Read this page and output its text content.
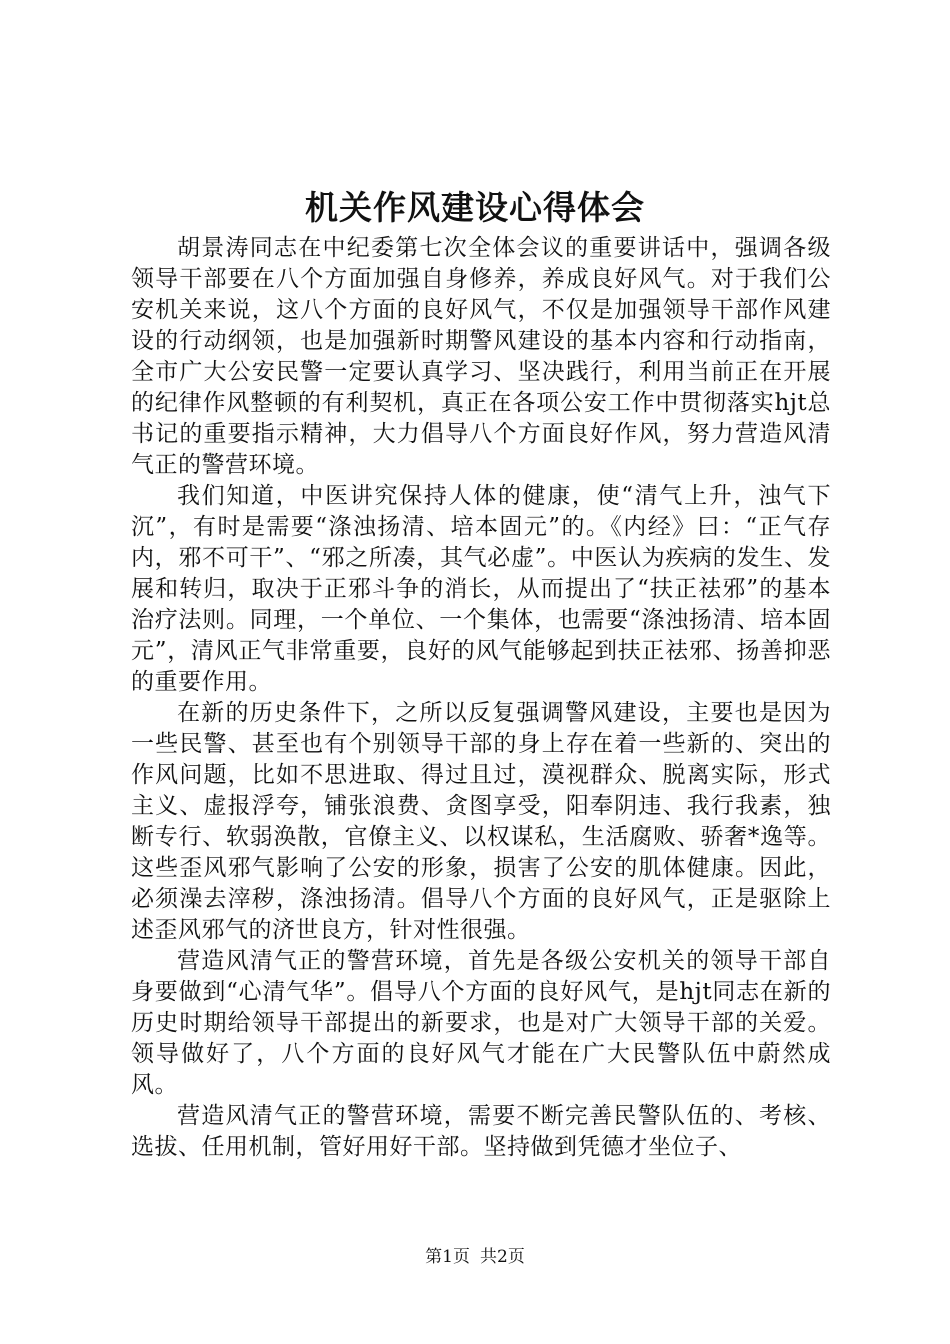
机关作风建设心得体会

胡景涛同志在中纪委第七次全体会议的重要讲话中，强调各级领导干部要在八个方面加强自身修养，养成良好风气。对于我们公安机关来说，这八个方面的良好风气，不仅是加强领导干部作风建设的行动纲领，也是加强新时期警风建设的基本内容和行动指南，全市广大公安民警一定要认真学习、坚决践行，利用当前正在开展的纪律作风整顿的有利契机，真正在各项公安工作中贯彻落实hjt总书记的重要指示精神，大力倡导八个方面良好作风，努力营造风清气正的警营环境。

我们知道，中医讲究保持人体的健康，使“清气上升，浊气下沉”，有时是需要“涤浊扬清、培本固元”的。《内经》曰：“正气存内，邪不可干”、“邪之所凑，其气必虚”。中医认为疾病的发生、发展和转归，取决于正邪斗争的消长，从而提出了“扶正祛邪”的基本治疗法则。同理，一个单位、一个集体，也需要“涤浊扬清、培本固元”，清风正气非常重要，良好的风气能够起到扶正祛邪、扬善抑恶的重要作用。

在新的历史条件下，之所以反复强调警风建设，主要也是因为一些民警、甚至也有个别领导干部的身上存在着一些新的、突出的作风问题，比如不思进取、得过且过，漠视群众、脱离实际，形式主义、虚报浮夸，铺张浪费、贪图享受，阳奉阴违、我行我素，独断专行、软弱涣散，官僚主义、以权谋私，生活腐败、骄奢*逸等。这些歪风邪气影响了公安的形象，损害了公安的肌体健康。因此，必须澡去滓秽，涤浊扬清。倡导八个方面的良好风气，正是驱除上述歪风邪气的济世良方，针对性很强。

营造风清气正的警营环境，首先是各级公安机关的领导干部自身要做到“心清气华”。倡导八个方面的良好风气，是hjt同志在新的历史时期给领导干部提出的新要求，也是对广大领导干部的关爱。领导做好了，八个方面的良好风气才能在广大民警队伍中蔚然成风。

营造风清气正的警营环境，需要不断完善民警队伍的、考核、选拔、任用机制，管好用好干部。坚持做到凭德才坐位子、

第1页 共2页
